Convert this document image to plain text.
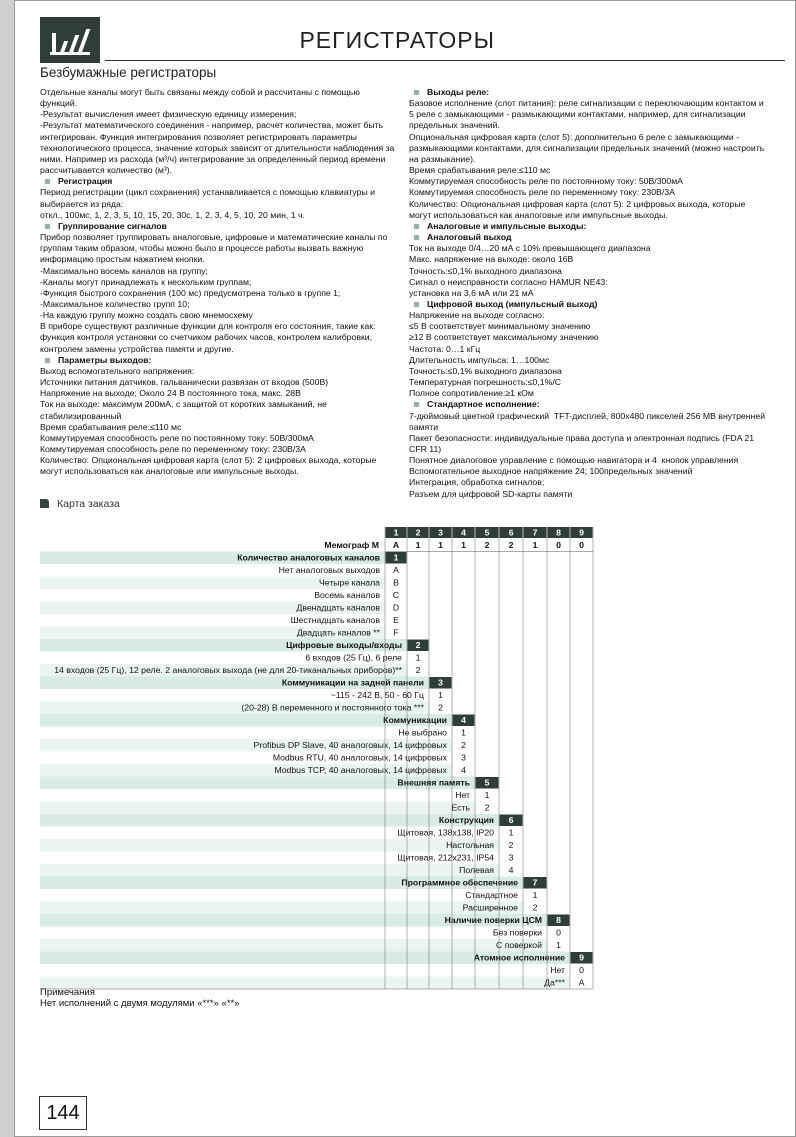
РЕГИСТРАТОРЫ
Безбумажные регистраторы
Отдельные каналы могут быть связаны между собой и рассчитаны с помощью функций.
-Результат вычисления имеет физическую единицу измерения;
-Результат математического соединения - например, расчет количества, может быть интегрирован. Функция интегрирования позволяет регистрировать параметры технологического процесса, значение которых зависит от длительности наблюдения за ними. Например из расхода (м³/ч) интегрирование за определенный период времени рассчитывается количество (м³).
Регистрация
Период регистрации (цикл сохранения) устанавливается с помощью клавиатуры и выбирается из ряда:
откл., 100мс, 1, 2, 3, 5, 10, 15, 20, 30с, 1, 2, 3, 4, 5, 10, 20 мин, 1 ч.
Группирование сигналов
Прибор позволяет группировать аналоговые, цифровые и математические каналы по группам таким образом, чтобы можно было в процессе работы вызвать важную информацию простым нажатием кнопки.
-Максимально восемь каналов на группу;
-Каналы могут принадлежать к нескольким группам;
-Функция быстрого сохранения (100 мс) предусмотрена только в группе 1;
-Максимальное количество групп 10;
-На каждую группу можно создать свою мнемосхему
В приборе существуют различные функции для контроля его состояния, такие как: функция контроля установки со счетчиком рабочих часов, контролем калибровки, контролем замены устройства памяти и другие.
Параметры выходов:
Выход вспомогательного напряжения:
Источники питания датчиков, гальванически развязан от входов (500В)
Напряжение на выходе; Около 24 В постоянного тока, макс. 28В
Ток на выходе: максимум 200мА, с защитой от коротких замыканий, не стабилизированный
Время срабатывания реле:≤110 мс
Коммутируемая способность реле по постоянному току: 50В/300мА
Коммутируемая способность реле по переменному току: 230В/3А
Количество: Опциональная цифровая карта (слот 5): 2 цифровых выхода, которые могут использоваться как аналоговые или импульсные выходы.
Выходы реле:
Базовое исполнение (слот питания): реле сигнализации с переключающим контактом и 5 реле с замыкающими - размыкающими контактами, например, для сигнализации предельных значений.
Опциональная цифровая карта (слот 5): дополнительно 6 реле с замыкающими - размыкающими контактами, для сигнализации предельных значений (можно настроить на размыкание).
Время срабатывания реле:≤110 мс
Коммутируемая способность реле по постоянному току: 50В/300мА
Коммутируемая способность реле по переменному току: 230В/3А
Количество: Опциональная цифровая карта (слот 5): 2 цифровых выхода, которые могут использоваться как аналоговые или импульсные выходы.
Аналоговые и импульсные выходы:
Аналоговый выход
Ток на выходе 0/4…20 мА с 10% превышающего диапазона
Макс. напряжение на выходе: около 16В
Точность:≤0,1% выходного диапазона
Сигнал о неисправности согласно HAMUR NE43:
установка на 3,6 мА или 21 мА
Цифровой выход (импульсный выход)
Напряжение на выходе согласно:
≤5 В соответствует минимальному значению
≥12 В соответствует максимальному значению
Частота: 0…1 кГц
Длительность импульса: 1…100мс
Точность:≤0,1% выходного диапазона
Температурная погрешность:≤0,1%/С
Полное сопротивление:≥1 кОм
Стандартное исполнение:
7-дюймовый цветной графический  TFT-дисплей, 800х480 пикселей 256 МВ внутренней памяти
Пакет безопасности: индивидуальные права доступа и электронная подпись (FDA 21 CFR 11)
Понятное диалоговое управление с помощью навигатора и 4  кнопок управления
Вспомогательное выходное напряжение 24; 100предельных значений
Интеграция, обработка сигналов;
Разъем для цифровой SD-карты памяти
Карта заказа
1 2 3 4 5 6 7 8 9
Мемограф М A 1 1 1 2 2 1 0 0
Количество аналоговых каналов 1
Нет аналоговых выходов A
Четыре канала B
Восемь каналов C
Двенадцать каналов D
Шестнадцать каналов E
Двадцать каналов ** F
Цифровые выходы/входы 2
6 входов (25 Гц), 6 реле 1
14 входов (25 Гц), 12 реле. 2 аналоговых выхода (не для 20-тиканальных приборов)** 2
Коммуникации на задней панели 3
~115 - 242 В, 50 - 60 Гц 1
(20-28) В переменного и постоянного тока *** 2
Коммуникации 4
Не выбрано 1
Profibus DP Slave, 40 аналоговых, 14 цифровых 2
Modbus RTU, 40 аналоговых, 14 цифровых 3
Modbus TCP, 40 аналоговых, 14 цифровых 4
Внешняя память 5
Нет 1
Есть 2
Конструкция 6
Щитовая, 138х138, IP20 1
Настольная 2
Щитовая, 212х231, IP54 3
Полевая 4
Программное обеспечение 7
Стандартное 1
Расширенное 2
Наличие поверки ЦСМ 8
Без поверки 0
С поверкой 1
Атомное исполнение 9
Нет 0
Да*** A
Примечания
Нет исполнений с двумя модулями «***» «**»
144
